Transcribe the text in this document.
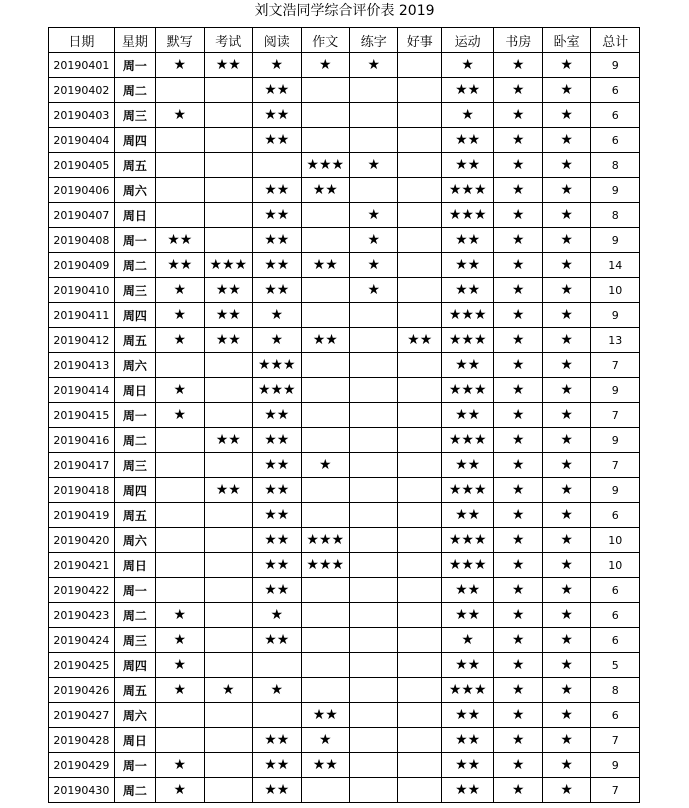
刘文浩同学综合评价表 2019
日期	星期	默写	考试	阅读	作文	练字	好事	运动	书房	卧室	总计
20190401	周一	★	★★	★	★	★		★	★	★	9
20190402	周二			★★				★★	★	★	6
20190403	周三	★		★★				★	★	★	6
20190404	周四			★★				★★	★	★	6
20190405	周五				★★★	★		★★	★	★	8
20190406	周六			★★	★★			★★★	★	★	9
20190407	周日			★★		★		★★★	★	★	8
20190408	周一	★★		★★		★		★★	★	★	9
20190409	周二	★★	★★★	★★	★★	★		★★	★	★	14
20190410	周三	★	★★	★★		★		★★	★	★	10
20190411	周四	★	★★	★				★★★	★	★	9
20190412	周五	★	★★	★	★★		★★	★★★	★	★	13
20190413	周六			★★★				★★	★	★	7
20190414	周日	★		★★★				★★★	★	★	9
20190415	周一	★		★★				★★	★	★	7
20190416	周二		★★	★★				★★★	★	★	9
20190417	周三			★★	★			★★	★	★	7
20190418	周四		★★	★★				★★★	★	★	9
20190419	周五			★★				★★	★	★	6
20190420	周六			★★	★★★			★★★	★	★	10
20190421	周日			★★	★★★			★★★	★	★	10
20190422	周一			★★				★★	★	★	6
20190423	周二	★		★				★★	★	★	6
20190424	周三	★		★★				★	★	★	6
20190425	周四	★						★★	★	★	5
20190426	周五	★	★	★				★★★	★	★	8
20190427	周六				★★			★★	★	★	6
20190428	周日			★★	★			★★	★	★	7
20190429	周一	★		★★	★★			★★	★	★	9
20190430	周二	★		★★				★★	★	★	7
